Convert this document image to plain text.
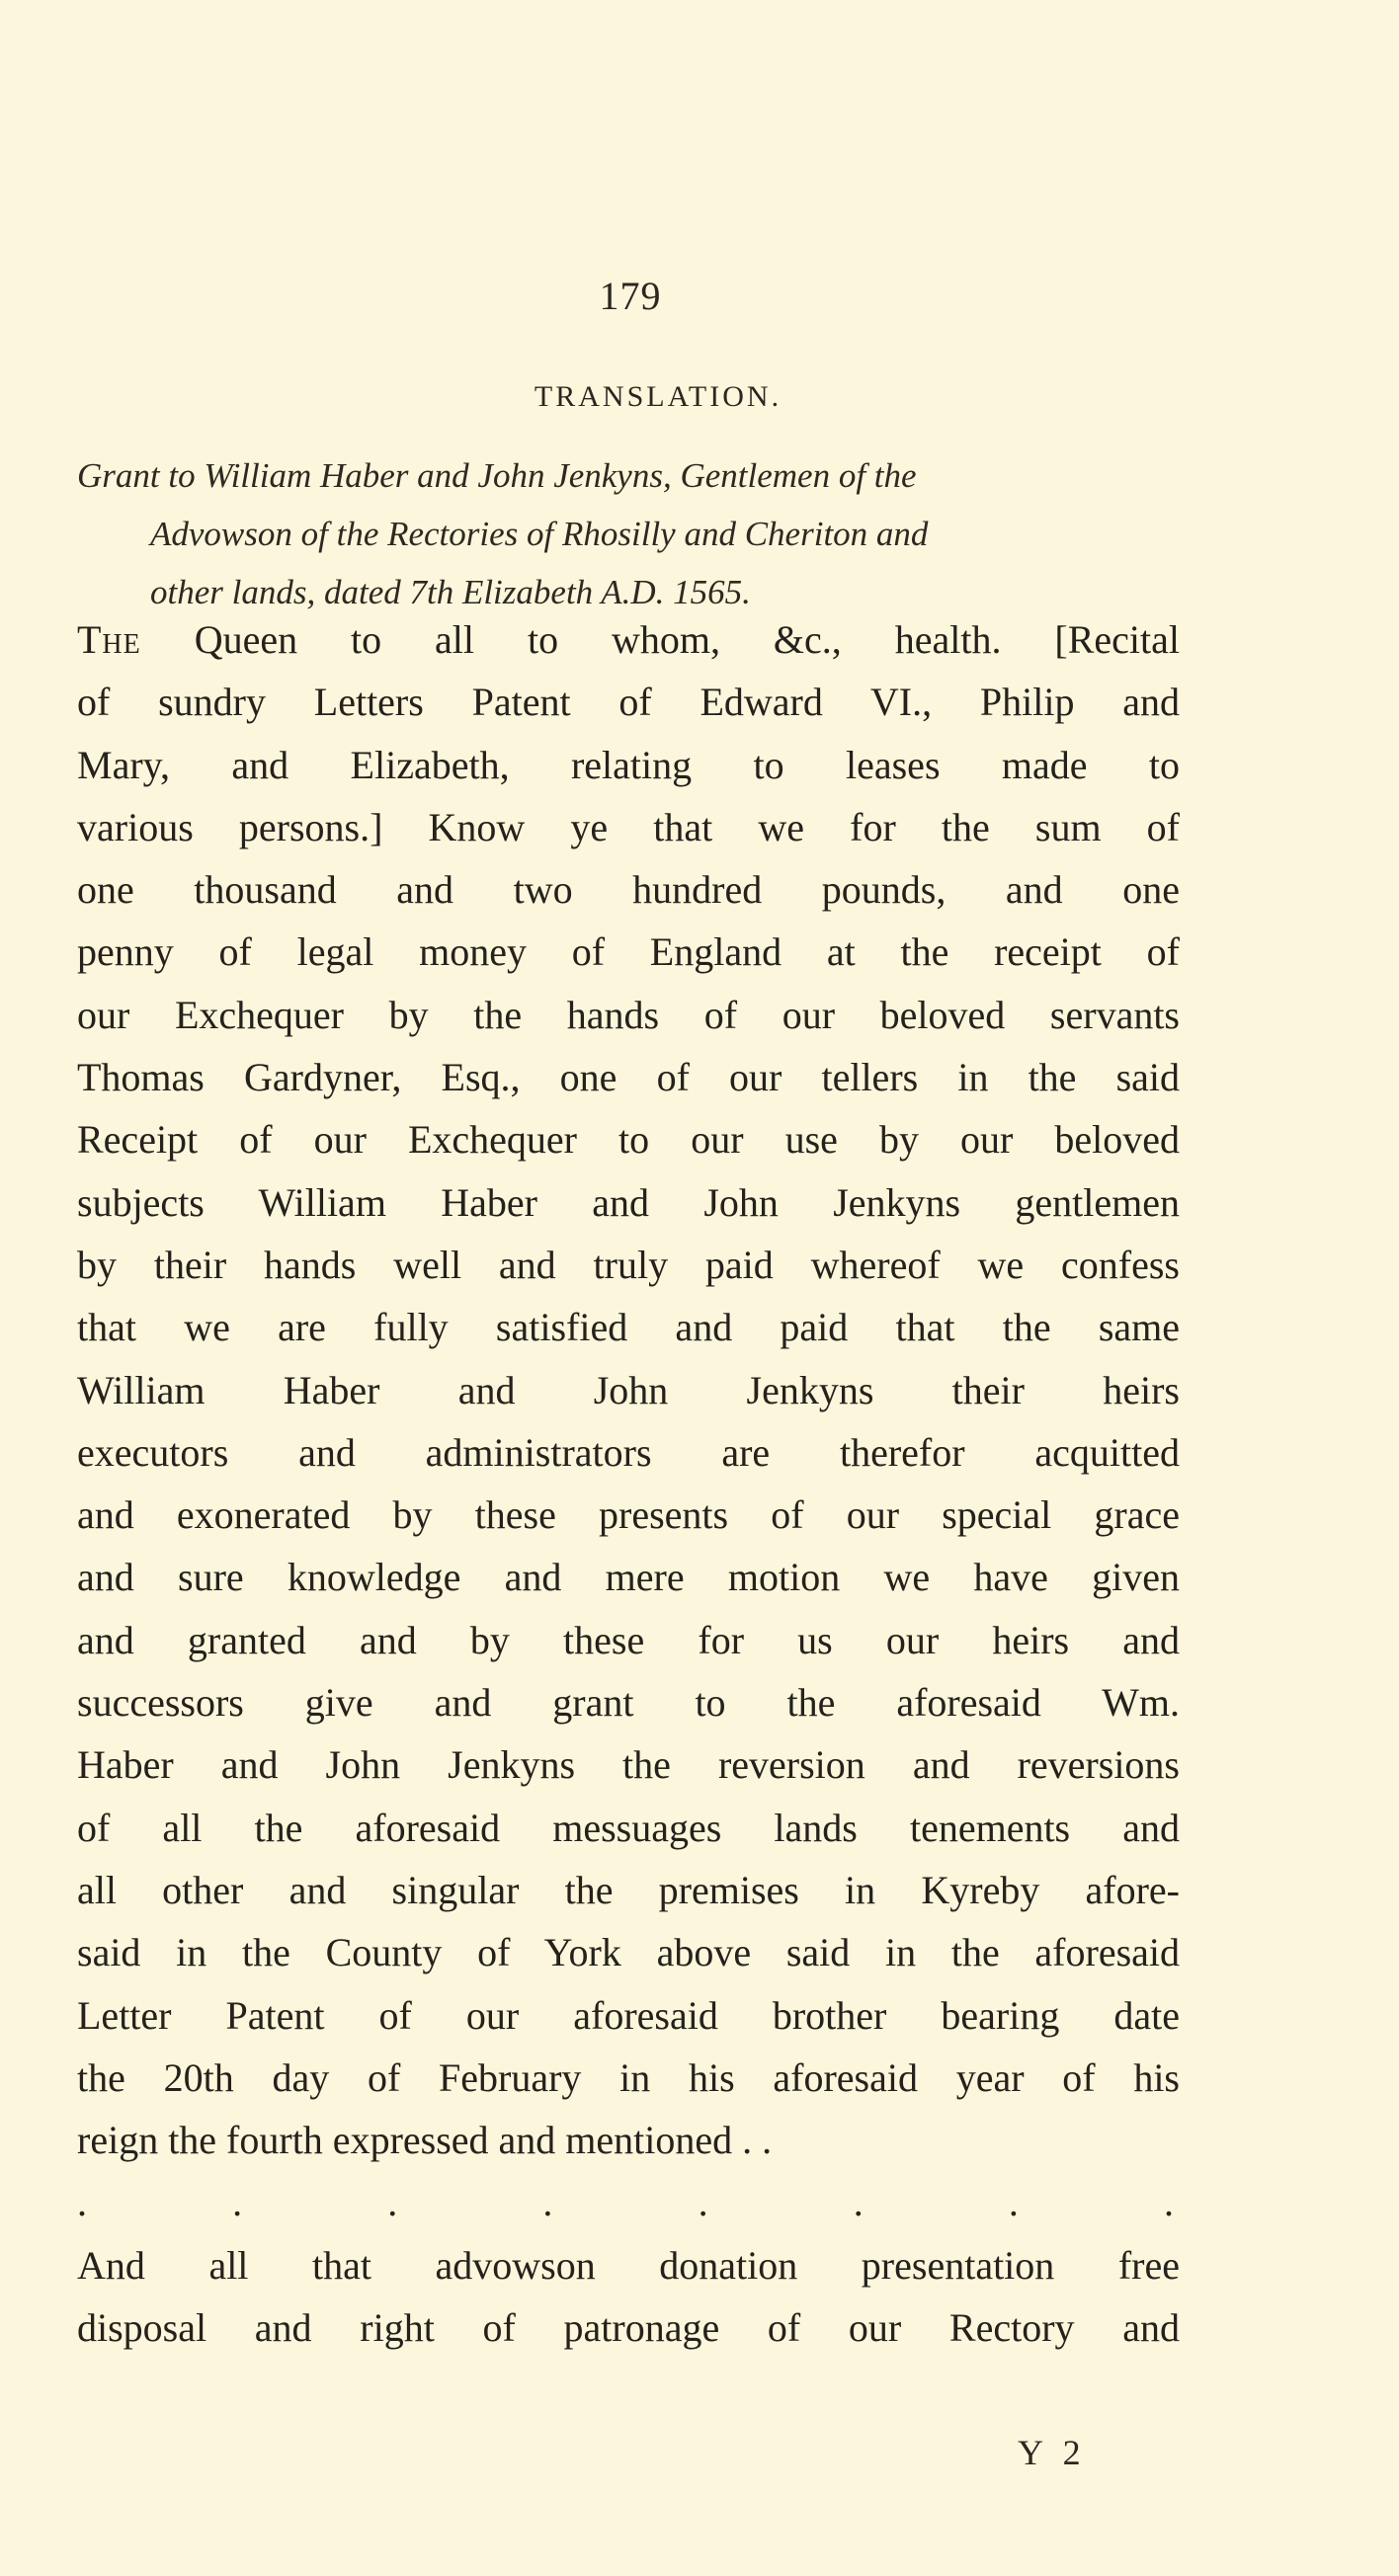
179
TRANSLATION.
Grant to William Haber and John Jenkyns, Gentlemen of the
Advowson of the Rectories of Rhosilly and Cheriton and
other lands, dated 7th Elizabeth A.D. 1565.
The Queen to all to whom, &c., health. [Recital
of sundry Letters Patent of Edward VI., Philip and
Mary, and Elizabeth, relating to leases made to
various persons.] Know ye that we for the sum of
one thousand and two hundred pounds, and one
penny of legal money of England at the receipt of
our Exchequer by the hands of our beloved servants
Thomas Gardyner, Esq., one of our tellers in the said
Receipt of our Exchequer to our use by our beloved
subjects William Haber and John Jenkyns gentlemen
by their hands well and truly paid whereof we confess
that we are fully satisfied and paid that the same
William Haber and John Jenkyns their heirs
executors and administrators are therefor acquitted
and exonerated by these presents of our special grace
and sure knowledge and mere motion we have given
and granted and by these for us our heirs and
successors give and grant to the aforesaid Wm.
Haber and John Jenkyns the reversion and reversions
of all the aforesaid messuages lands tenements and
all other and singular the premises in Kyreby afore-
said in the County of York above said in the aforesaid
Letter Patent of our aforesaid brother bearing date
the 20th day of February in his aforesaid year of his
reign the fourth expressed and mentioned . .
.	.	.	.	.	.	.	.
And all that advowson donation presentation free
disposal and right of patronage of our Rectory and
Y 2
